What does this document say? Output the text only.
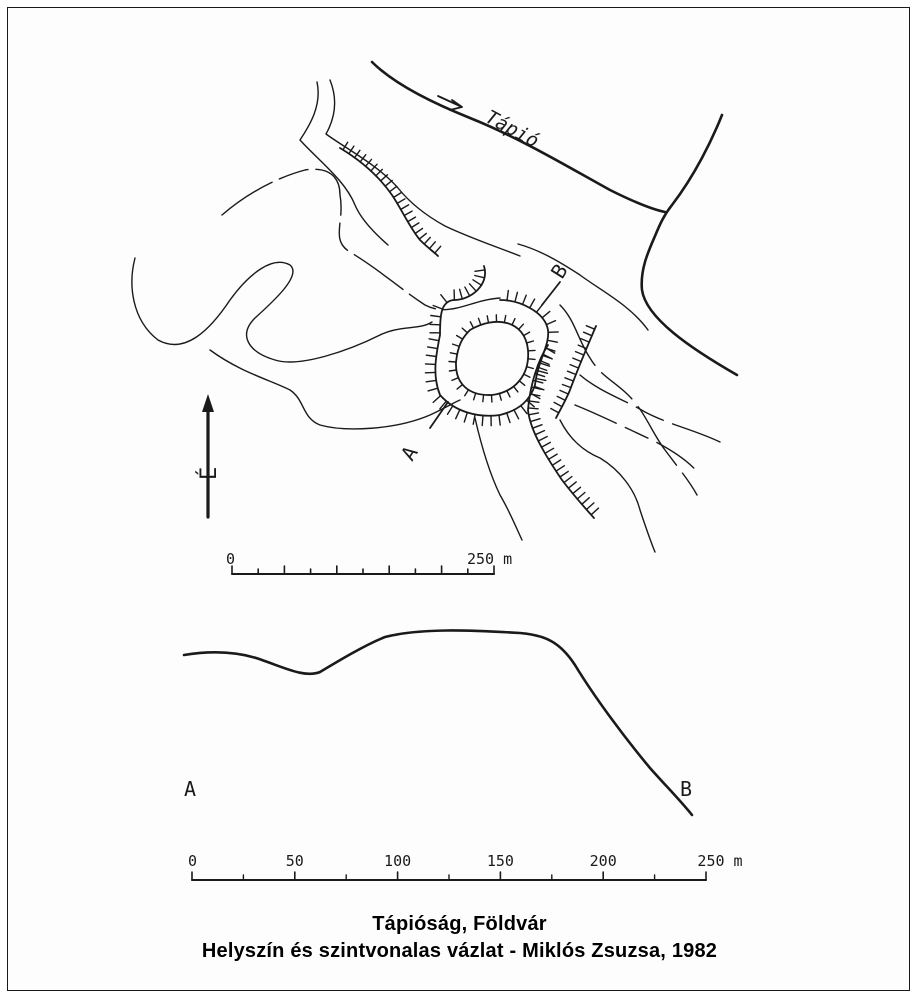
Tápió
A
B
É
0	250 m
A	B
0	50	100	150	200	250 m
Tápióság, Földvár
Helyszín és szintvonalas vázlat - Miklós Zsuzsa, 1982
